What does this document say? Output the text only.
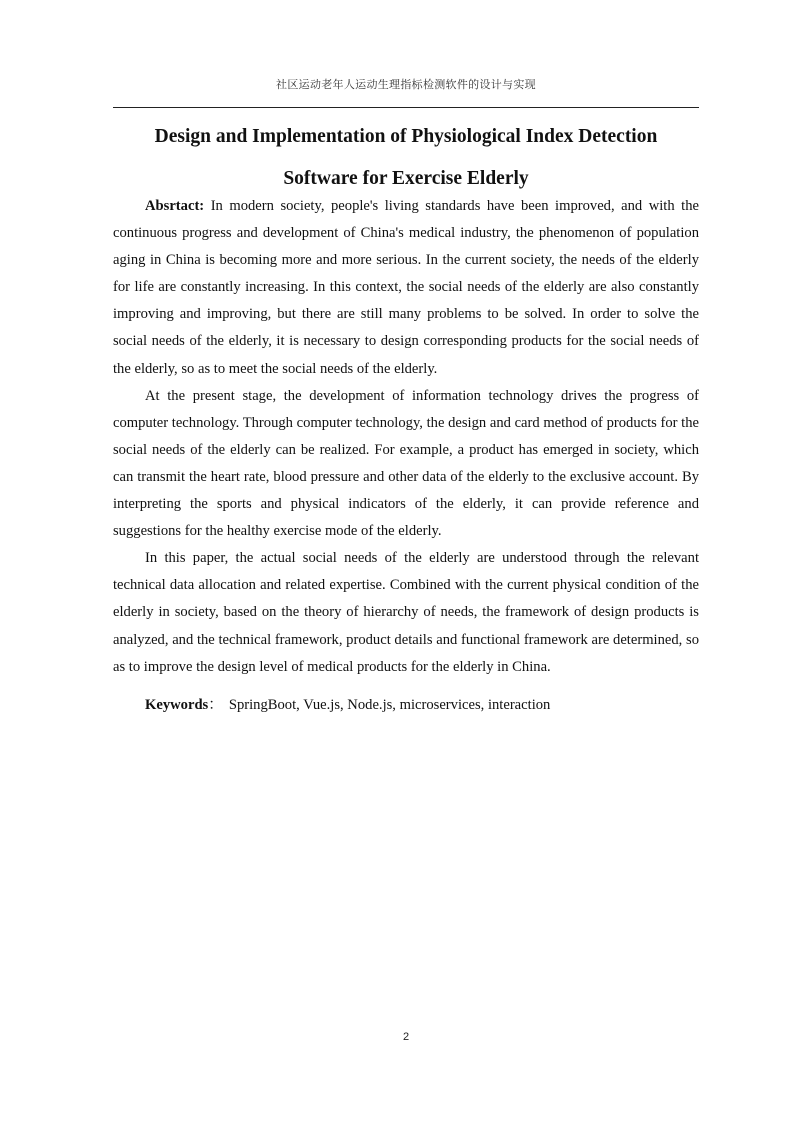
社区运动老年人运动生理指标检测软件的设计与实现
Design and Implementation of Physiological Index Detection
Software for Exercise Elderly

Absrtact: In modern society, people's living standards have been improved, and with the continuous progress and development of China's medical industry, the phenomenon of population aging in China is becoming more and more serious. In the current society, the needs of the elderly for life are constantly increasing. In this context, the social needs of the elderly are also constantly improving and improving, but there are still many problems to be solved. In order to solve the social needs of the elderly, it is necessary to design corresponding products for the social needs of the elderly, so as to meet the social needs of the elderly.

At the present stage, the development of information technology drives the progress of computer technology. Through computer technology, the design and card method of products for the social needs of the elderly can be realized. For example, a product has emerged in society, which can transmit the heart rate, blood pressure and other data of the elderly to the exclusive account. By interpreting the sports and physical indicators of the elderly, it can provide reference and suggestions for the healthy exercise mode of the elderly.

In this paper, the actual social needs of the elderly are understood through the relevant technical data allocation and related expertise. Combined with the current physical condition of the elderly in society, based on the theory of hierarchy of needs, the framework of design products is analyzed, and the technical framework, product details and functional framework are determined, so as to improve the design level of medical products for the elderly in China.

Keywords： SpringBoot, Vue.js, Node.js, microservices, interaction

2
